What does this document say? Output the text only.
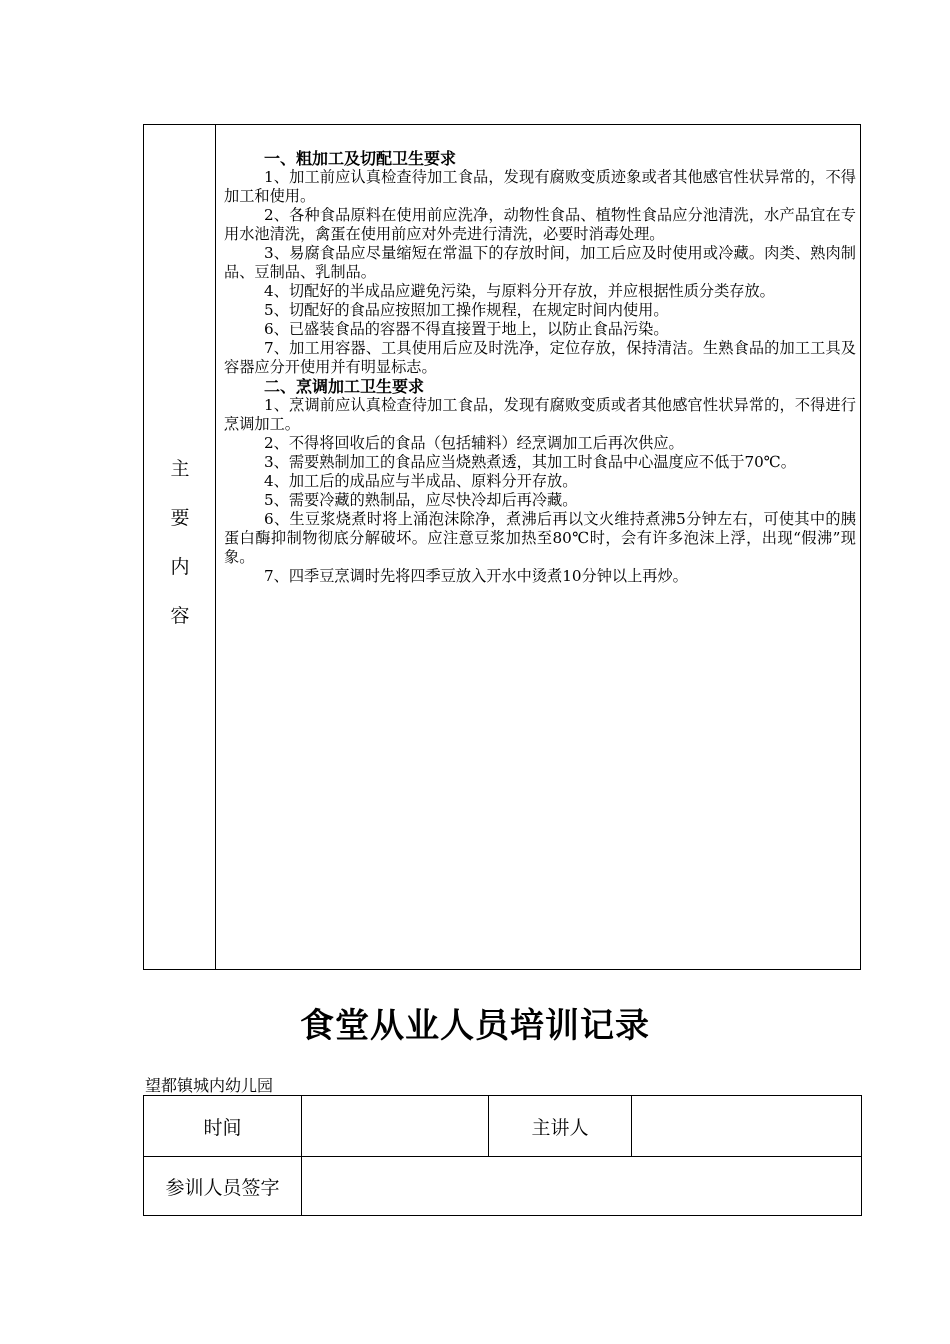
主
要
内
容

一、粗加工及切配卫生要求

1、加工前应认真检查待加工食品，发现有腐败变质迹象或者其他感官性状异常的，不得加工和使用。

2、各种食品原料在使用前应洗净，动物性食品、植物性食品应分池清洗，水产品宜在专用水池清洗，禽蛋在使用前应对外壳进行清洗，必要时消毒处理。

3、易腐食品应尽量缩短在常温下的存放时间，加工后应及时使用或冷藏。肉类、熟肉制品、豆制品、乳制品。

4、切配好的半成品应避免污染，与原料分开存放，并应根据性质分类存放。

5、切配好的食品应按照加工操作规程，在规定时间内使用。

6、已盛装食品的容器不得直接置于地上，以防止食品污染。

7、加工用容器、工具使用后应及时洗净，定位存放，保持清洁。生熟食品的加工工具及容器应分开使用并有明显标志。

二、烹调加工卫生要求

1、烹调前应认真检查待加工食品，发现有腐败变质或者其他感官性状异常的，不得进行烹调加工。

2、不得将回收后的食品（包括辅料）经烹调加工后再次供应。

3、需要熟制加工的食品应当烧熟煮透，其加工时食品中心温度应不低于70℃。

4、加工后的成品应与半成品、原料分开存放。

5、需要冷藏的熟制品，应尽快冷却后再冷藏。

6、生豆浆烧煮时将上涌泡沫除净，煮沸后再以文火维持煮沸5分钟左右，可使其中的胰蛋白酶抑制物彻底分解破坏。应注意豆浆加热至80℃时，会有许多泡沫上浮，出现“假沸”现象。

7、四季豆烹调时先将四季豆放入开水中烫煮10分钟以上再炒。

食堂从业人员培训记录

望都镇城内幼儿园

时间		主讲人	
参训人员签字			
